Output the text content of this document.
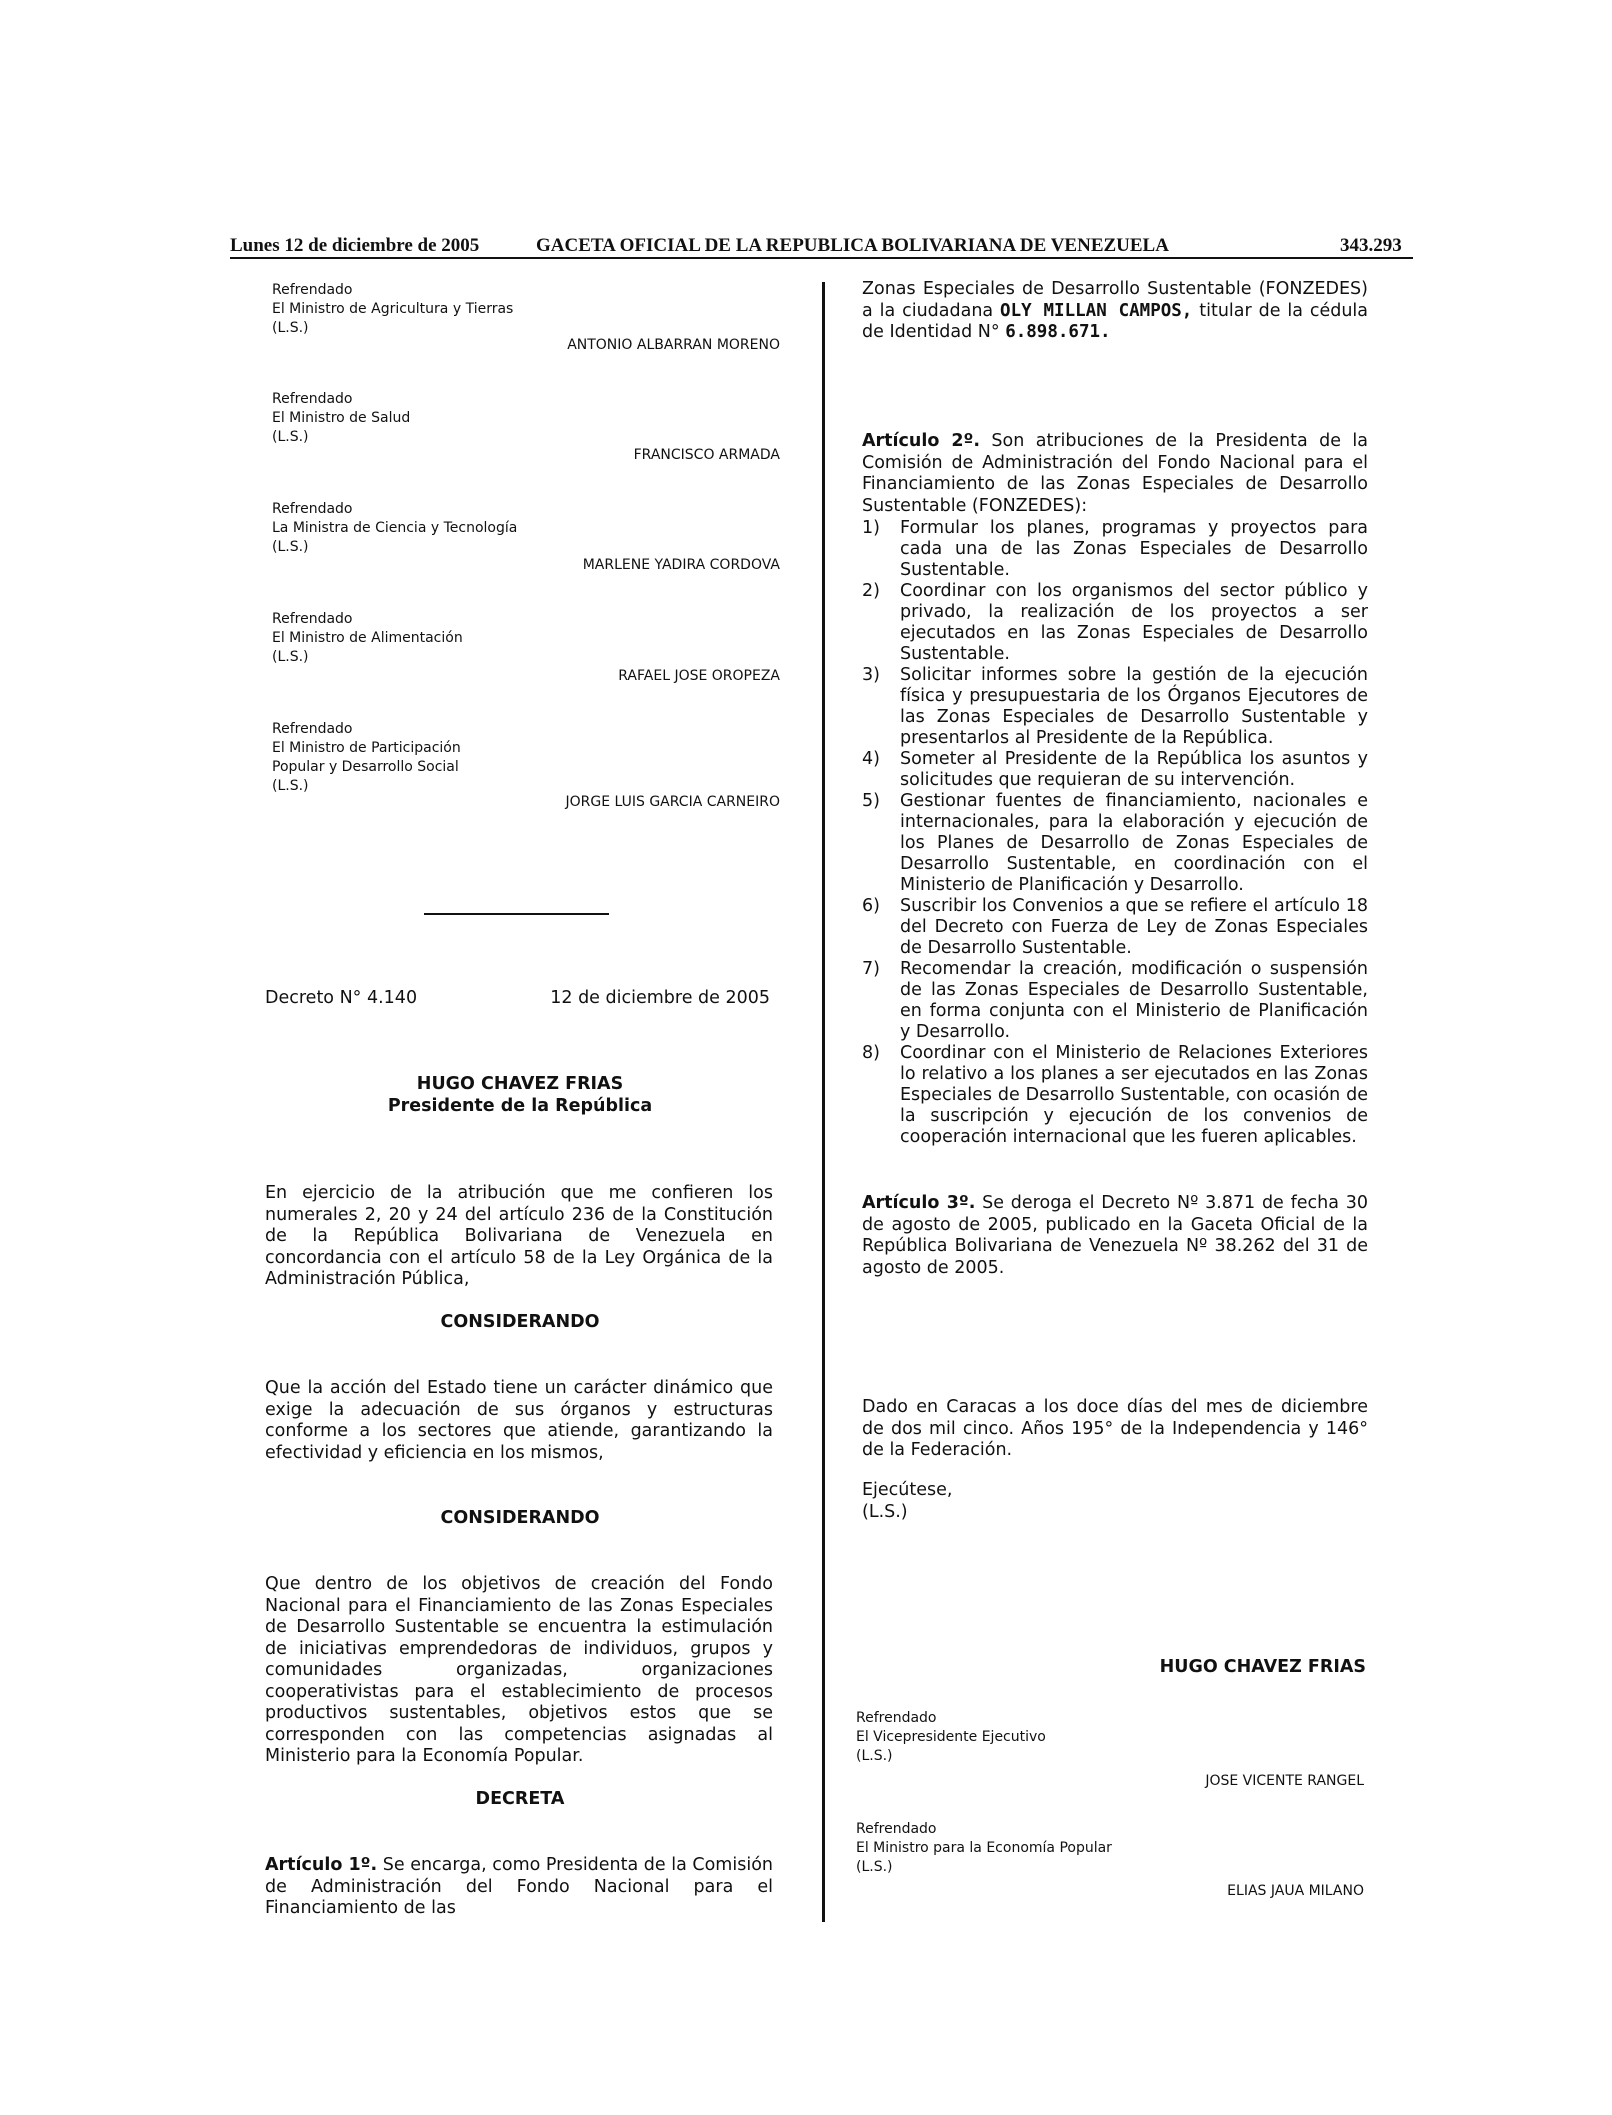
Lunes 12 de diciembre de 2005	GACETA OFICIAL DE LA REPUBLICA BOLIVARIANA DE VENEZUELA	343.293
Refrendado
El Ministro de Agricultura y Tierras
(L.S.)
ANTONIO ALBARRAN MORENO
Refrendado
El Ministro de Salud
(L.S.)
FRANCISCO ARMADA
Refrendado
La Ministra de Ciencia y Tecnología
(L.S.)
MARLENE YADIRA CORDOVA
Refrendado
El Ministro de Alimentación
(L.S.)
RAFAEL JOSE OROPEZA
Refrendado
El Ministro de Participación
Popular y Desarrollo Social
(L.S.)
JORGE LUIS GARCIA CARNEIRO
Decreto N° 4.140	12 de diciembre de 2005
HUGO CHAVEZ FRIAS
Presidente de la República
En ejercicio de la atribución que me confieren los numerales 2, 20 y 24 del artículo 236 de la Constitución de la República Bolivariana de Venezuela en concordancia con el artículo 58 de la Ley Orgánica de la Administración Pública,
CONSIDERANDO
Que la acción del Estado tiene un carácter dinámico que exige la adecuación de sus órganos y estructuras conforme a los sectores que atiende, garantizando la efectividad y eficiencia en los mismos,
CONSIDERANDO
Que dentro de los objetivos de creación del Fondo Nacional para el Financiamiento de las Zonas Especiales de Desarrollo Sustentable se encuentra la estimulación de iniciativas emprendedoras de individuos, grupos y comunidades organizadas, organizaciones cooperativistas para el establecimiento de procesos productivos sustentables, objetivos estos que se corresponden con las competencias asignadas al Ministerio para la Economía Popular.
DECRETA
Artículo 1º. Se encarga, como Presidenta de la Comisión de Administración del Fondo Nacional para el Financiamiento de las
Zonas Especiales de Desarrollo Sustentable (FONZEDES) a la ciudadana OLY MILLAN CAMPOS, titular de la cédula de Identidad N° 6.898.671.
Artículo 2º. Son atribuciones de la Presidenta de la Comisión de Administración del Fondo Nacional para el Financiamiento de las Zonas Especiales de Desarrollo Sustentable (FONZEDES):
1) Formular los planes, programas y proyectos para cada una de las Zonas Especiales de Desarrollo Sustentable.
2) Coordinar con los organismos del sector público y privado, la realización de los proyectos a ser ejecutados en las Zonas Especiales de Desarrollo Sustentable.
3) Solicitar informes sobre la gestión de la ejecución física y presupuestaria de los Órganos Ejecutores de las Zonas Especiales de Desarrollo Sustentable y presentarlos al Presidente de la República.
4) Someter al Presidente de la República los asuntos y solicitudes que requieran de su intervención.
5) Gestionar fuentes de financiamiento, nacionales e internacionales, para la elaboración y ejecución de los Planes de Desarrollo de Zonas Especiales de Desarrollo Sustentable, en coordinación con el Ministerio de Planificación y Desarrollo.
6) Suscribir los Convenios a que se refiere el artículo 18 del Decreto con Fuerza de Ley de Zonas Especiales de Desarrollo Sustentable.
7) Recomendar la creación, modificación o suspensión de las Zonas Especiales de Desarrollo Sustentable, en forma conjunta con el Ministerio de Planificación y Desarrollo.
8) Coordinar con el Ministerio de Relaciones Exteriores lo relativo a los planes a ser ejecutados en las Zonas Especiales de Desarrollo Sustentable, con ocasión de la suscripción y ejecución de los convenios de cooperación internacional que les fueren aplicables.
Artículo 3º. Se deroga el Decreto Nº 3.871 de fecha 30 de agosto de 2005, publicado en la Gaceta Oficial de la República Bolivariana de Venezuela Nº 38.262 del 31 de agosto de 2005.
Dado en Caracas a los doce días del mes de diciembre de dos mil cinco. Años 195° de la Independencia y 146° de la Federación.
Ejecútese,
(L.S.)
HUGO CHAVEZ FRIAS
Refrendado
El Vicepresidente Ejecutivo
(L.S.)
JOSE VICENTE RANGEL
Refrendado
El Ministro para la Economía Popular
(L.S.)
ELIAS JAUA MILANO
